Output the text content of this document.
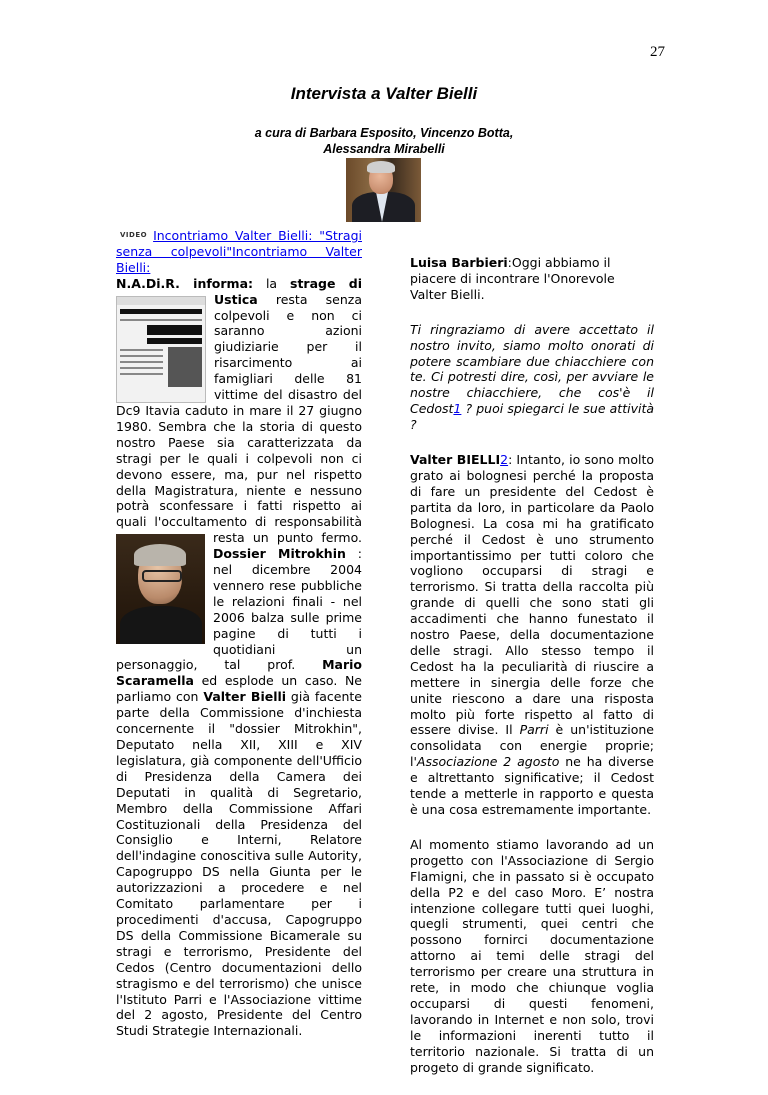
27
Intervista a Valter Bielli
a cura di Barbara Esposito, Vincenzo Botta,
Alessandra Mirabelli

VIDEO Incontriamo Valter Bielli: "Stragi senza colpevoli"Incontriamo Valter Bielli:
N.A.Di.R. informa: la strage di Ustica
resta senza colpevoli e non ci saranno azioni giudiziarie per il risarcimento ai famigliari delle 81 vittime del disastro del Dc9 Itavia caduto in mare il 27 giugno 1980. Sembra che la storia di questo nostro Paese sia caratterizzata da stragi per le quali i colpevoli non ci devono essere, ma, pur nel rispetto della Magistratura, niente e nessuno potrà sconfessare i fatti rispetto ai quali l'occultamento di responsabilità resta un punto fermo.
Dossier Mitrokhin : nel dicembre 2004 vennero rese pubbliche le relazioni finali - nel 2006 balza sulle prime pagine di tutti i quotidiani un personaggio, tal prof. Mario Scaramella ed esplode un caso. Ne parliamo con Valter Bielli già facente parte della Commissione d'inchiesta concernente il "dossier Mitrokhin", Deputato nella XII, XIII e XIV legislatura, già componente dell'Ufficio di Presidenza della Camera dei Deputati in qualità di Segretario, Membro della Commissione Affari Costituzionali della Presidenza del Consiglio e Interni, Relatore dell'indagine conoscitiva sulle Autority, Capogruppo DS nella Giunta per le autorizzazioni a procedere e nel Comitato parlamentare per i procedimenti d'accusa, Capogruppo DS della Commissione Bicamerale su stragi e terrorismo, Presidente del Cedos (Centro documentazioni dello stragismo e del terrorismo) che unisce l'Istituto Parri e l'Associazione vittime del 2 agosto, Presidente del Centro Studi Strategie Internazionali.

Luisa Barbieri:Oggi abbiamo il piacere di incontrare l'Onorevole Valter Bielli.

Ti ringraziamo di avere accettato il nostro invito, siamo molto onorati di potere scambiare due chiacchiere con te. Ci potresti dire, così, per avviare le nostre chiacchiere, che cos'è il Cedost1 ? puoi spiegarci le sue attività ?

Valter BIELLI2: Intanto, io sono molto grato ai bolognesi perché la proposta di fare un presidente del Cedost è partita da loro, in particolare da Paolo Bolognesi. La cosa mi ha gratificato perché il Cedost è uno strumento importantissimo per tutti coloro che vogliono occuparsi di stragi e terrorismo. Si tratta della raccolta più grande di quelli che sono stati gli accadimenti che hanno funestato il nostro Paese, della documentazione delle stragi. Allo stesso tempo il Cedost ha la peculiarità di riuscire a mettere in sinergia delle forze che unite riescono a dare una risposta molto più forte rispetto al fatto di essere divise. Il Parri è un'istituzione consolidata con energie proprie; l'Associazione 2 agosto ne ha diverse e altrettanto significative; il Cedost tende a metterle in rapporto e questa è una cosa estremamente importante.

Al momento stiamo lavorando ad un progetto con l'Associazione di Sergio Flamigni, che in passato si è occupato della P2 e del caso Moro. E’ nostra intenzione collegare tutti quei luoghi, quegli strumenti, quei centri che possono fornirci documentazione attorno ai temi delle stragi del terrorismo per creare una struttura in rete, in modo che chiunque voglia occuparsi di questi fenomeni, lavorando in Internet e non solo, trovi le informazioni inerenti tutto il territorio nazionale. Si tratta di un progeto di grande significato.
